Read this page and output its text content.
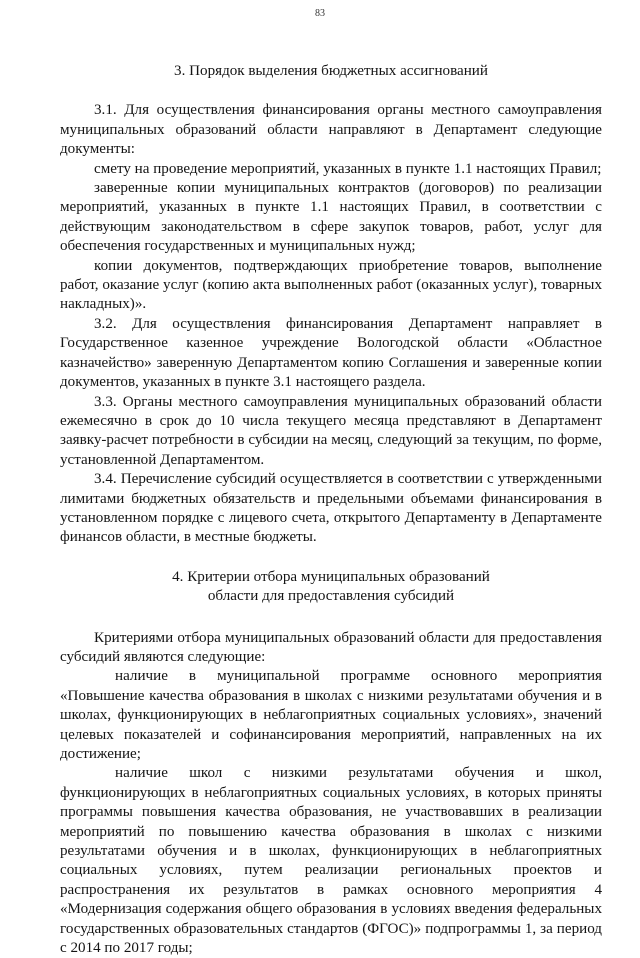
83
3. Порядок выделения бюджетных ассигнований

3.1. Для осуществления финансирования органы местного самоуправления муниципальных образований области направляют в Департамент следующие документы:

смету на проведение мероприятий, указанных в пункте 1.1 настоящих Правил;

заверенные копии муниципальных контрактов (договоров) по реализации мероприятий, указанных в пункте 1.1 настоящих Правил, в соответствии с действующим законодательством в сфере закупок товаров, работ, услуг для обеспечения государственных и муниципальных нужд;

копии документов, подтверждающих приобретение товаров, выполнение работ, оказание услуг (копию акта выполненных работ (оказанных услуг), товарных накладных)».

3.2. Для осуществления финансирования Департамент направляет в Государственное казенное учреждение Вологодской области «Областное казначейство» заверенную Департаментом копию Соглашения и заверенные копии документов, указанных в пункте 3.1 настоящего раздела.

3.3. Органы местного самоуправления муниципальных образований области ежемесячно в срок до 10 числа текущего месяца представляют в Департамент заявку-расчет потребности в субсидии на месяц, следующий за текущим, по форме, установленной Департаментом.

3.4. Перечисление субсидий осуществляется в соответствии с утвержденными лимитами бюджетных обязательств и предельными объемами финансирования в установленном порядке с лицевого счета, открытого Департаменту в Департаменте финансов области, в местные бюджеты.

4. Критерии отбора муниципальных образований
области для предоставления субсидий

Критериями отбора муниципальных образований области для предоставления субсидий являются следующие:

наличие в муниципальной программе основного мероприятия «Повышение качества образования в школах с низкими результатами обучения и в школах, функционирующих в неблагоприятных социальных условиях», значений целевых показателей и софинансирования мероприятий, направленных на их достижение;

наличие школ с низкими результатами обучения и школ, функционирующих в неблагоприятных социальных условиях, в которых приняты программы повышения качества образования, не участвовавших в реализации мероприятий по повышению качества образования в школах с низкими результатами обучения и в школах, функционирующих в неблагоприятных социальных условиях, путем реализации региональных проектов и распространения их результатов в рамках основного мероприятия 4 «Модернизация содержания общего образования в условиях введения федеральных государственных образовательных стандартов (ФГОС)» подпрограммы 1, за период с 2014 по 2017 годы;
